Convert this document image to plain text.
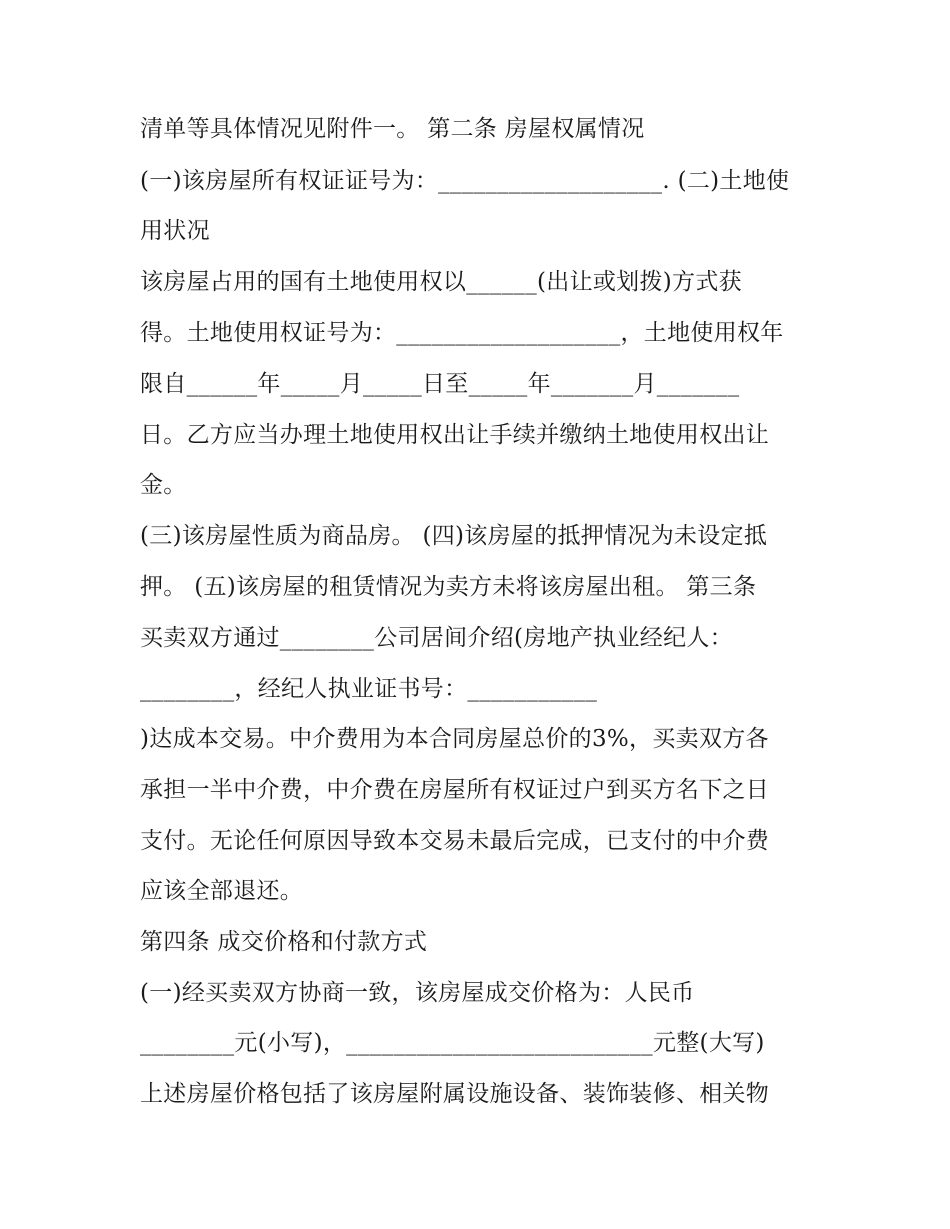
清单等具体情况见附件一。 第二条 房屋权属情况
(一)该房屋所有权证证号为：___________________. (二)土地使
用状况
该房屋占用的国有土地使用权以______(出让或划拨)方式获
得。土地使用权证号为：___________________，土地使用权年
限自______年_____月_____日至_____年_______月_______
日。乙方应当办理土地使用权出让手续并缴纳土地使用权出让
金。
(三)该房屋性质为商品房。 (四)该房屋的抵押情况为未设定抵
押。 (五)该房屋的租赁情况为卖方未将该房屋出租。 第三条
买卖双方通过________公司居间介绍(房地产执业经纪人：
________，经纪人执业证书号：___________
)达成本交易。中介费用为本合同房屋总价的3%，买卖双方各
承担一半中介费，中介费在房屋所有权证过户到买方名下之日
支付。无论任何原因导致本交易未最后完成，已支付的中介费
应该全部退还。
第四条 成交价格和付款方式
(一)经买卖双方协商一致，该房屋成交价格为：人民币
________元(小写)，__________________________元整(大写)
上述房屋价格包括了该房屋附属设施设备、装饰装修、相关物
